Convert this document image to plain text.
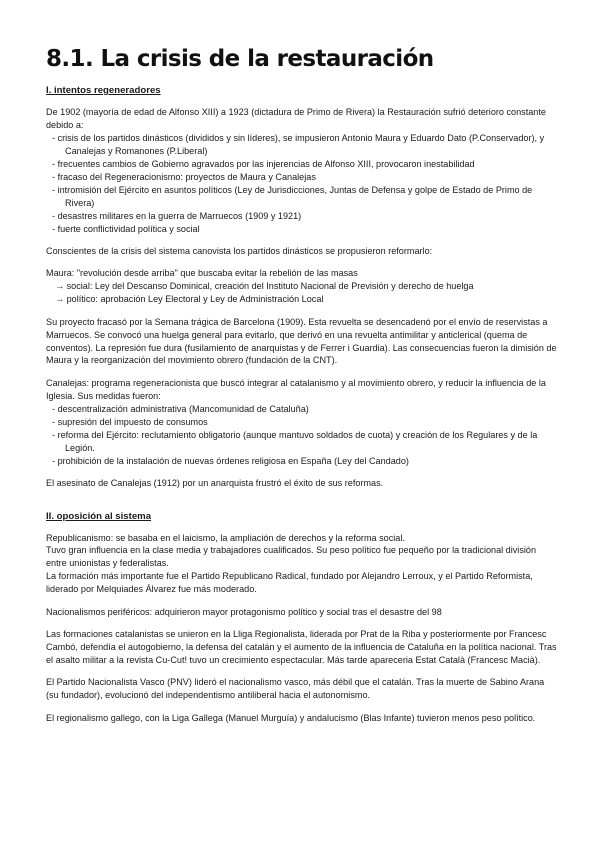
8.1. La crisis de la restauración
I. intentos regeneradores

De 1902 (mayoría de edad de Alfonso XIII) a 1923 (dictadura de Primo de Rivera) la Restauración sufrió deterioro constante debido a:

- crisis de los partidos dinásticos (divididos y sin líderes), se impusieron Antonio Maura y Eduardo Dato (P.Conservador), y Canalejas y Romanones (P.Liberal)
- frecuentes cambios de Gobierno agravados por las injerencias de Alfonso XIII, provocaron inestabilidad
- fracaso del Regeneracionismo: proyectos de Maura y Canalejas
- intromisión del Ejército en asuntos políticos (Ley de Jurisdicciones, Juntas de Defensa y golpe de Estado de Primo de Rivera)
- desastres militares en la guerra de Marruecos (1909 y 1921)
- fuerte conflictividad política y social

Conscientes de la crisis del sistema canovista los partidos dinásticos se propusieron reformarlo:

Maura: "revolución desde arriba" que buscaba evitar la rebelión de las masas
→ social: Ley del Descanso Dominical, creación del Instituto Nacional de Previsión y derecho de huelga
→ político: aprobación Ley Electoral y Ley de Administración Local

Su proyecto fracasó por la Semana trágica de Barcelona (1909). Esta revuelta se desencadenó por el envío de reservistas a Marruecos. Se convocó una huelga general para evitarlo, que derivó en una revuelta antimilitar y anticlerical (quema de conventos). La represión fue dura (fusilamiento de anarquistas y de Ferrer i Guardia). Las consecuencias fueron la dimisión de Maura y la reorganización del movimiento obrero (fundación de la CNT).

Canalejas: programa regeneracionista que buscó integrar al catalanismo y al movimiento obrero, y reducir la influencia de la Iglesia. Sus medidas fueron:

- descentralización administrativa (Mancomunidad de Cataluña)
- supresión del impuesto de consumos
- reforma del Ejército: reclutamiento obligatorio (aunque mantuvo soldados de cuota) y creación de los Regulares y de la Legión.
- prohibición de la instalación de nuevas órdenes religiosa en España (Ley del Candado)

El asesinato de Canalejas (1912) por un anarquista frustró el éxito de sus reformas.

II. oposición al sistema

Republicanismo: se basaba en el laicismo, la ampliación de derechos y la reforma social.
Tuvo gran influencia en la clase media y trabajadores cualificados. Su peso político fue pequeño por la tradicional división entre unionistas y federalistas.
La formación más importante fue el Partido Republicano Radical, fundado por Alejandro Lerroux, y el Partido Reformista, liderado por Melquiades Álvarez fue más moderado.

Nacionalismos periféricos: adquirieron mayor protagonismo político y social tras el desastre del 98

Las formaciones catalanistas se unieron en la Lliga Regionalista, liderada por Prat de la Riba y posteriormente por Francesc Cambó, defendía el autogobierno, la defensa del catalán y el aumento de la influencia de Cataluña en la política nacional. Tras el asalto militar a la revista Cu-Cut! tuvo un crecimiento espectacular. Más tarde apareceria Estat Català (Francesc Macià).

El Partido Nacionalista Vasco (PNV) lideró el nacionalismo vasco, más débil que el catalán. Tras la muerte de Sabino Arana (su fundador), evolucionó del independentismo antiliberal hacia el autonomismo.

El regionalismo gallego, con la Liga Gallega (Manuel Murguía) y andalucismo (Blas Infante) tuvieron menos peso político.
